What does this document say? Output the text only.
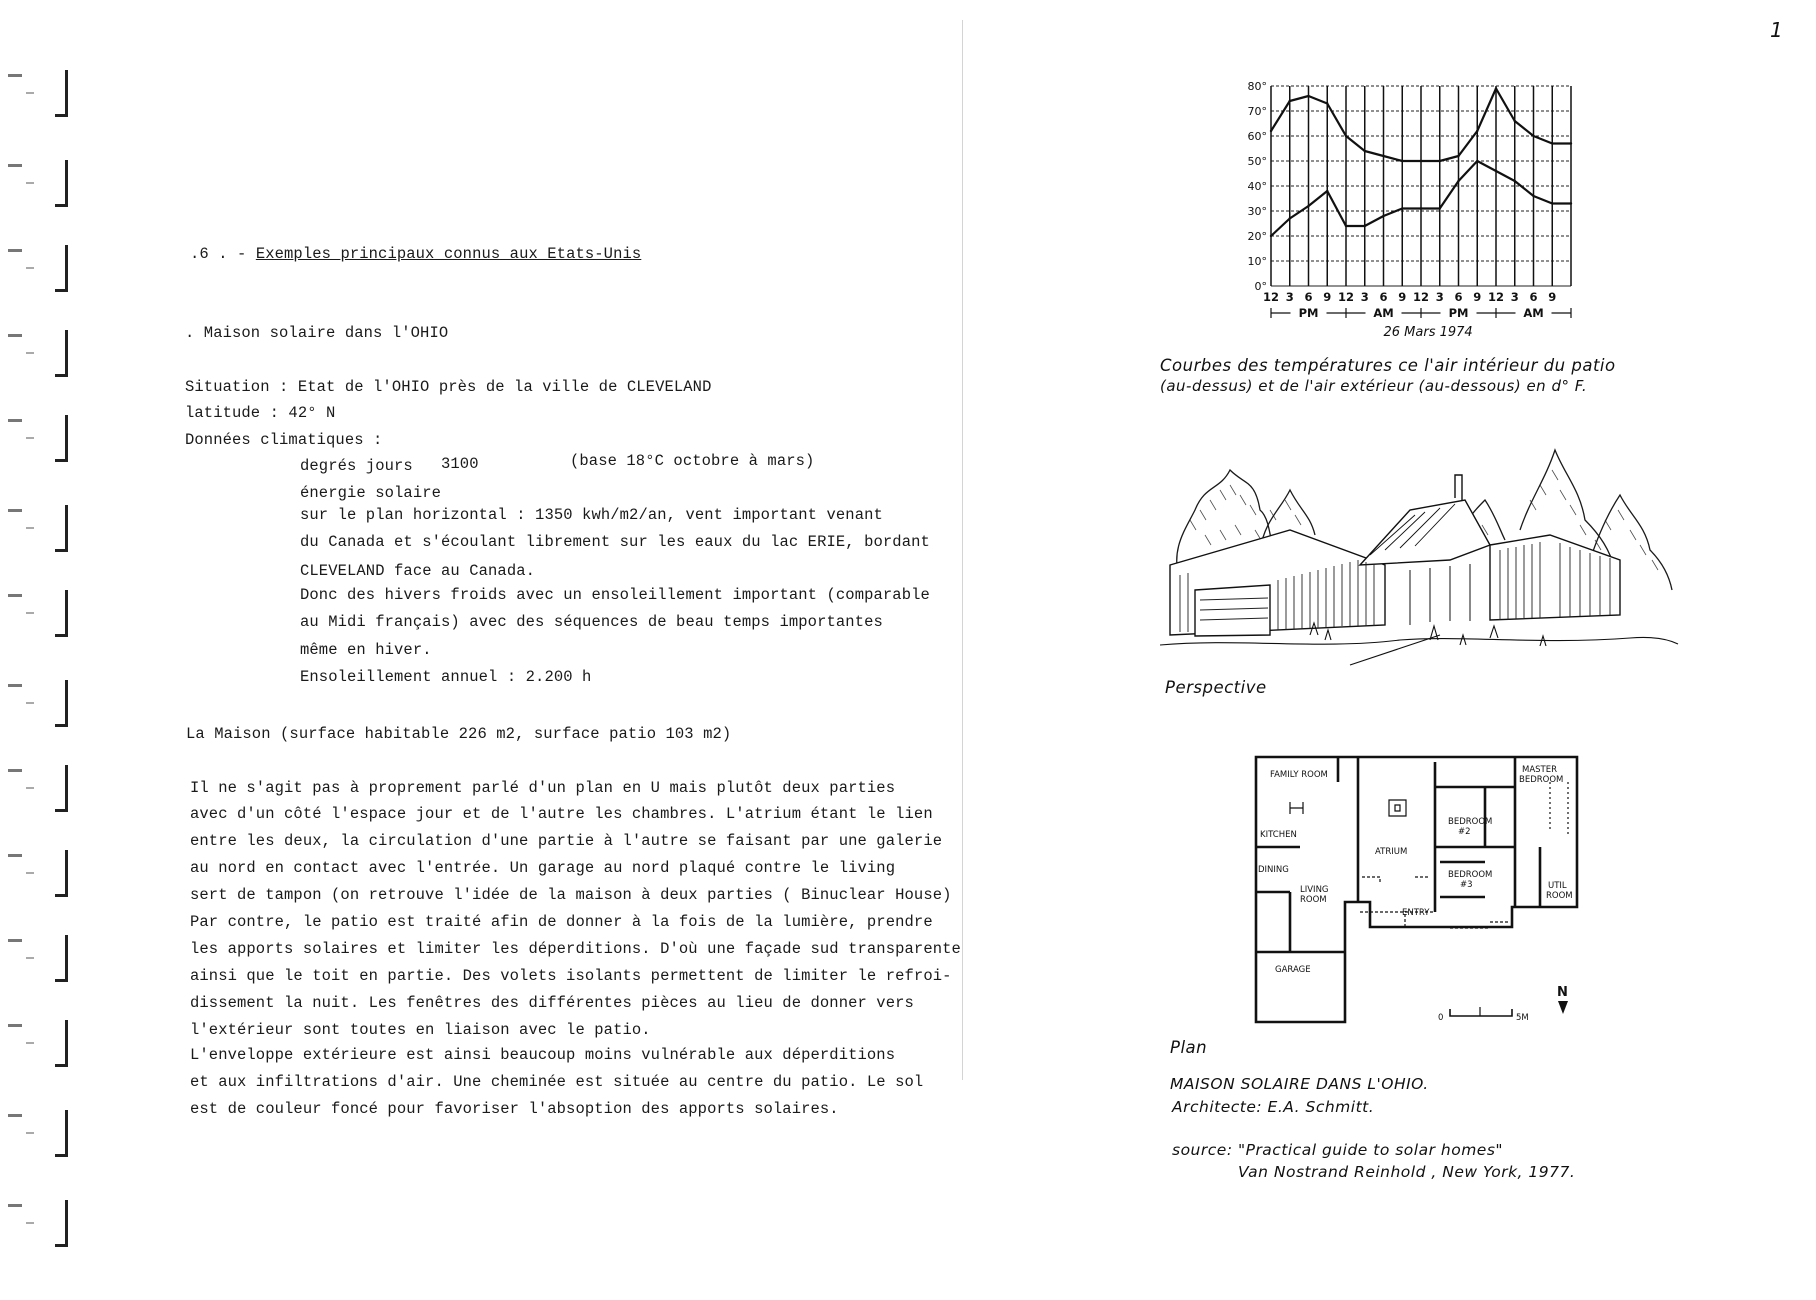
.6 . - Exemples principaux connus aux Etats-Unis
. Maison solaire dans l'OHIO
Situation : Etat de l'OHIO près de la ville de CLEVELAND
latitude : 42° N
Données climatiques :
degrés jours 3100	(base 18°C octobre à mars)
énergie solaire
sur le plan horizontal : 1350 kwh/m2/an, vent important venant
du Canada et s'écoulant librement sur les eaux du lac ERIE, bordant
CLEVELAND face au Canada.
Donc des hivers froids avec un ensoleillement important (comparable
au Midi français) avec des séquences de beau temps importantes
même en hiver.
Ensoleillement annuel : 2.200 h
La Maison (surface habitable 226 m2, surface patio 103 m2)
Il ne s'agit pas à proprement parlé d'un plan en U mais plutôt deux parties
avec d'un côté l'espace jour et de l'autre les chambres. L'atrium étant le lien
entre les deux, la circulation d'une partie à l'autre se faisant par une galerie
au nord en contact avec l'entrée. Un garage au nord plaqué contre le living
sert de tampon (on retrouve l'idée de la maison à deux parties ( Binuclear House)
Par contre, le patio est traité afin de donner à la fois de la lumière, prendre
les apports solaires et limiter les déperditions. D'où une façade sud transparente
ainsi que le toit en partie. Des volets isolants permettent de limiter le refroi-
dissement la nuit. Les fenêtres des différentes pièces au lieu de donner vers
l'extérieur sont toutes en liaison avec le patio.
L'enveloppe extérieure est ainsi beaucoup moins vulnérable aux déperditions
et aux infiltrations d'air. Une cheminée est située au centre du patio. Le sol
est de couleur foncé pour favoriser l'absoption des apports solaires.
1
0°
10°
20°
30°
40°
50°
60°
70°
80°
12 3 6 9 12 3 6 9 12 3 6 9 12 3 6 9
PM	AM	PM	AM
26 Mars 1974
Courbes des températures ce l'air intérieur du patio
(au-dessus) et de l'air extérieur (au-dessous) en d° F.
Perspective
FAMILY ROOM	MASTER
BEDROOM
KITCHEN
ATRIUM
BEDROOM
#2
DINING	BEDROOM
#3
LIVING
ROOM
UTIL
ROOM
ENTRY
GARAGE
N
0	5M
Plan
MAISON SOLAIRE DANS L'OHIO.
Architecte: E.A. Schmitt.
source: "Practical guide to solar homes"
Van Nostrand Reinhold , New York, 1977.
